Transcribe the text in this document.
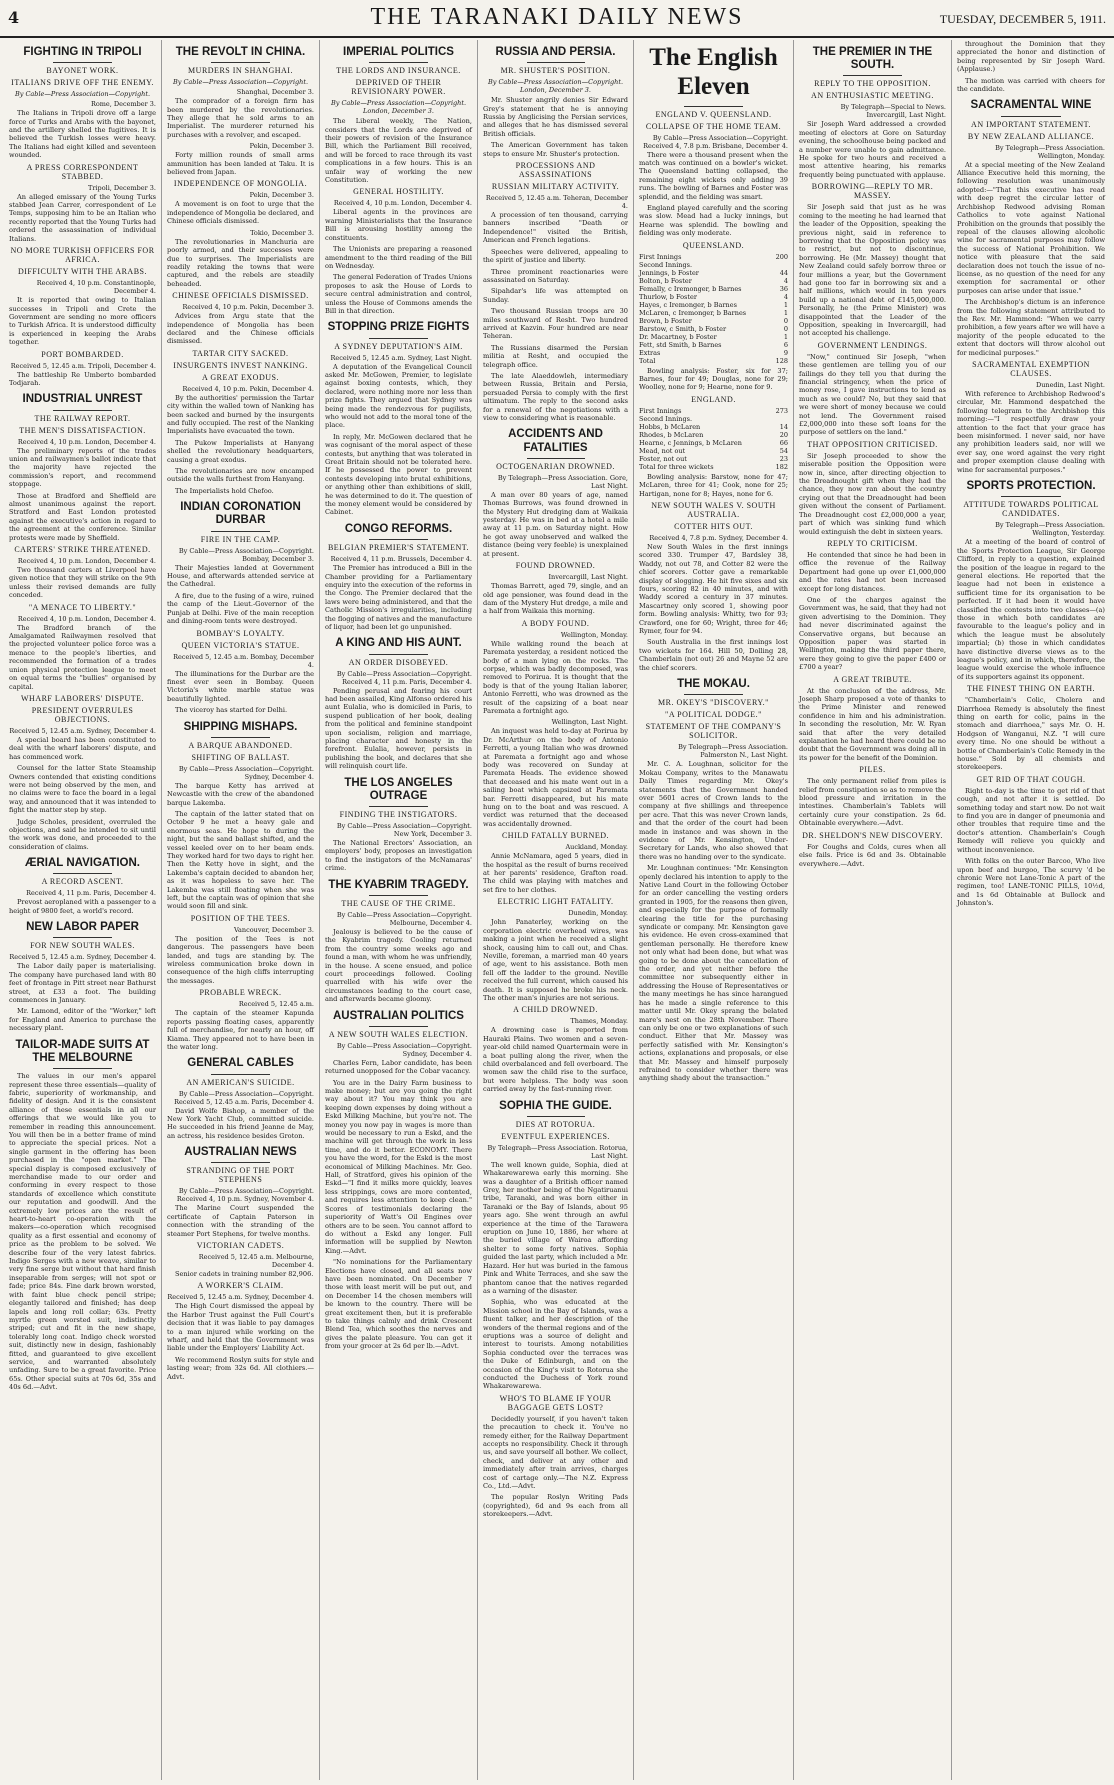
4	THE TARANAKI DAILY NEWS	TUESDAY, DECEMBER 5, 1911.
FIGHTING IN TRIPOLI
BAYONET WORK.
ITALIANS DRIVE OFF THE ENEMY.
By Cable—Press Association—Copyright.
Rome, December 3.

The Italians in Tripoli drove off a large force of Turks and Arabs with the bayonet, and the artillery shelled the fugitives. It is believed the Turkish losses were heavy. The Italians had eight killed and seventeen wounded.

A PRESS CORRESPONDENT STABBED.
Tripoli, December 3.

An alleged emissary of the Young Turks stabbed Jean Carrer, correspondent of Le Temps, supposing him to be an Italian who recently reported that the Young Turks had ordered the assassination of individual Italians.

NO MORE TURKISH OFFICERS FOR AFRICA.
DIFFICULTY WITH THE ARABS.
Received 4, 10 p.m. Constantinople, December 4.

It is reported that owing to Italian successes in Tripoli and Crete the Government are sending no more officers to Turkish Africa. It is understood difficulty is experienced in keeping the Arabs together.

PORT BOMBARDED.
Received 5, 12.45 a.m. Tripoli, December 4.

The battleship Re Umberto bombarded Todjarah.

INDUSTRIAL UNREST
THE RAILWAY REPORT.
THE MEN'S DISSATISFACTION.
Received 4, 10 p.m. London, December 4.

The preliminary reports of the trades union and railwaymen's ballot indicate that the majority have rejected the commission's report, and recommend stoppage.

Those at Bradford and Sheffield are almost unanimous against the report. Stratford and East London protested against the executive's action in regard to the agreement at the conference. Similar protests were made by Sheffield.

CARTERS' STRIKE THREATENED.
Received 4, 10 p.m. London, December 4.

Two thousand carters at Liverpool have given notice that they will strike on the 9th unless their revised demands are fully conceded.

"A MENACE TO LIBERTY."
Received 4, 10 p.m. London, December 4.

The Bradford branch of the Amalgamated Railwaymen resolved that the projected volunteer police force was a menace to the people's liberties, and recommended the formation of a trades union physical protection league to meet on equal terms the "bullies" organised by capital.

WHARF LABORERS' DISPUTE.
PRESIDENT OVERRULES OBJECTIONS.
Received 5, 12.45 a.m. Sydney, December 4.

A special board has been constituted to deal with the wharf laborers' dispute, and has commenced work.

Counsel for the latter State Steamship Owners contended that existing conditions were not being observed by the men, and no claims were to face the board in a legal way, and announced that it was intended to fight the matter step by step.

Judge Scholes, president, overruled the objections, and said he intended to sit until the work was done, and proceeded to the consideration of claims.

ÆRIAL NAVIGATION.
A RECORD ASCENT.
Received 4, 11 p.m. Paris, December 4.

Prevost aeroplaned with a passenger to a height of 9800 feet, a world's record.

NEW LABOR PAPER
FOR NEW SOUTH WALES.
Received 5, 12.45 a.m. Sydney, December 4.

The Labor daily paper is materialising. The company have purchased land with 80 feet of frontage in Pitt street near Bathurst street, at £33 a foot. The building commences in January.

Mr. Lamond, editor of the "Worker," left for England and America to purchase the necessary plant.

TAILOR-MADE SUITS AT THE MELBOURNE

The values in our men's apparel represent these three essentials—quality of fabric, superiority of workmanship, and fidelity of design. And it is the consistent alliance of these essentials in all our offerings that we would like you to remember in reading this announcement. You will then be in a better frame of mind to appreciate the special prices. Not a single garment in the offering has been purchased in the "open market." The special display is composed exclusively of merchandise made to our order and conforming in every respect to those standards of excellence which constitute our reputation and goodwill. And the extremely low prices are the result of heart-to-heart co-operation with the makers—co-operation which recognised quality as a first essential and economy of price as the problem to be solved. We describe four of the very latest fabrics. Indigo Serges with a new weave, similar to very fine serge but without that hard finish inseparable from serges; will not spot or fade; price 84s. Fine dark brown worsted, with faint blue check pencil stripe; elegantly tailored and finished; has deep lapels and long roll collar; 63s. Pretty myrtle green worsted suit, indistinctly striped; cut and fit in the new shape, tolerably long coat. Indigo check worsted suit, distinctly new in design, fashionably fitted, and guaranteed to give excellent service, and warranted absolutely unfading. Sure to be a great favorite. Price 65s. Other special suits at 70s 6d, 35s and 40s 6d.—Advt.

THE REVOLT IN CHINA.
MURDERS IN SHANGHAI.
By Cable—Press Association—Copyright.
Shanghai, December 3.

The comprador of a foreign firm has been murdered by the revolutionaries. They allege that he sold arms to an Imperialist. The murderer returned his purchases with a revolver, and escaped.

Pekin, December 3.

Forty million rounds of small arms ammunition has been landed at Taku. It is believed from Japan.

INDEPENDENCE OF MONGOLIA.
Pekin, December 3.

A movement is on foot to urge that the independence of Mongolia be declared, and Chinese officials dismissed.

Tokio, December 3.

The revolutionaries in Manchuria are poorly armed, and their successes were due to surprises. The Imperialists are readily retaking the towns that were captured, and the rebels are steadily beheaded.

CHINESE OFFICIALS DISMISSED.
Received 4, 10 p.m. Pekin, December 3.

Advices from Argu state that the independence of Mongolia has been declared and the Chinese officials dismissed.

TARTAR CITY SACKED.
INSURGENTS INVEST NANKING.
A GREAT EXODUS.
Received 4, 10 p.m. Pekin, December 4.

By the authorities' permission the Tartar city within the walled town of Nanking has been sacked and burned by the insurgents and fully occupied. The rest of the Nanking Imperialists have evacuated the town.

The Pukow Imperialists at Hanyang shelled the revolutionary headquarters, causing a great exodus.

The revolutionaries are now encamped outside the walls furthest from Hanyang.

The Imperialists hold Chefoo.

INDIAN CORONATION DURBAR
FIRE IN THE CAMP.
By Cable—Press Association—Copyright. Bombay, December 3.

Their Majesties landed at Government House, and afterwards attended service at the Cathedral.

A fire, due to the fusing of a wire, ruined the camp of the Lieut.-Governor of the Punjab at Delhi. Five of the main reception and dining-room tents were destroyed.

BOMBAY'S LOYALTY.
QUEEN VICTORIA'S STATUE.
Received 5, 12.45 a.m. Bombay, December 4.

The illuminations for the Durbar are the finest ever seen in Bombay. Queen Victoria's white marble statue was beautifully lighted.

The viceroy has started for Delhi.

SHIPPING MISHAPS.
A BARQUE ABANDONED.
SHIFTING OF BALLAST.
By Cable—Press Association—Copyright. Sydney, December 4.

The barque Ketty has arrived at Newcastle with the crew of the abandoned barque Lakemba.

The captain of the latter stated that on October 9 he met a heavy gale and enormous seas. He hope to during the night, but the sand ballast shifted, and the vessel keeled over on to her beam ends. They worked hard for two days to right her. Then the Ketty hove in sight, and the Lakemba's captain decided to abandon her, as it was hopeless to save her. The Lakemba was still floating when she was left, but the captain was of opinion that she would soon fill and sink.

POSITION OF THE TEES.
Vancouver, December 3.

The position of the Tees is not dangerous. The passengers have been landed, and tugs are standing by. The wireless communication broke down in consequence of the high cliffs interrupting the messages.

PROBABLE WRECK.
Received 5, 12.45 a.m.

The captain of the steamer Kapunda reports passing floating cases, apparently full of merchandise, for nearly an hour, off Kiama. They appeared not to have been in the water long.

GENERAL CABLES
AN AMERICAN'S SUICIDE.
By Cable—Press Association—Copyright. Received 5, 12.45 a.m. Paris, December 4.

David Wolfe Bishop, a member of the New York Yacht Club, committed suicide. He succeeded in his friend Jeanne de May, an actress, his residence besides Groton.

AUSTRALIAN NEWS
STRANDING OF THE PORT STEPHENS
By Cable—Press Association—Copyright. Received 4, 10 p.m. Sydney, November 4.

The Marine Court suspended the certificate of Captain Paterson in connection with the stranding of the steamer Port Stephens, for twelve months.

VICTORIAN CADETS.
Received 5, 12.45 a.m. Melbourne, December 4.

Senior cadets in training number 82,906.

A WORKER'S CLAIM.
Received 5, 12.45 a.m. Sydney, December 4.

The High Court dismissed the appeal by the Harbor Trust against the Full Court's decision that it was liable to pay damages to a man injured while working on the wharf, and held that the Government was liable under the Employers' Liability Act.

We recommend Roslyn suits for style and lasting wear; from 32s 6d. All clothiers.—Advt.

IMPERIAL POLITICS
THE LORDS AND INSURANCE.
DEPRIVED OF THEIR REVISIONARY POWER.
By Cable—Press Association—Copyright. London, December 3.

The Liberal weekly, The Nation, considers that the Lords are deprived of their powers of revision of the Insurance Bill, which the Parliament Bill received, and will be forced to race through its vast complications in a few hours. This is an unfair way of working the new Constitution.

GENERAL HOSTILITY.
Received 4, 10 p.m. London, December 4.

Liberal agents in the provinces are warning Ministerialists that the Insurance Bill is arousing hostility among the constituents.

The Unionists are preparing a reasoned amendment to the third reading of the Bill on Wednesday.

The general Federation of Trades Unions proposes to ask the House of Lords to secure central administration and control, unless the House of Commons amends the Bill in that direction.

STOPPING PRIZE FIGHTS
A SYDNEY DEPUTATION'S AIM.
Received 5, 12.45 a.m. Sydney, Last Night.

A deputation of the Evangelical Council asked Mr. McGowen, Premier, to legislate against boxing contests, which, they declared, were nothing more nor less than prize fights. They argued that Sydney was being made the rendezvous for pugilists, who would not add to the moral tone of the place.

In reply, Mr. McGowen declared that he was cognisant of the moral aspect of these contests, but anything that was tolerated in Great Britain should not be tolerated here. If he possessed the power to prevent contests developing into brutal exhibitions, or anything other than exhibitions of skill, he was determined to do it. The question of the money element would be considered by Cabinet.

CONGO REFORMS.
BELGIAN PREMIER'S STATEMENT.
Received 4, 11 p.m. Brussels, December 4.

The Premier has introduced a Bill in the Chamber providing for a Parliamentary enquiry into the execution of the reforms in the Congo. The Premier declared that the laws were being administered, and that the Catholic Mission's irregularities, including the flogging of natives and the manufacture of liquor, had been let go unpunished.

A KING AND HIS AUNT.
AN ORDER DISOBEYED.
By Cable—Press Association—Copyright. Received 4, 11 p.m. Paris, December 4.

Pending perusal and fearing his court had been assailed, King Alfonso ordered his aunt Eulalia, who is domiciled in Paris, to suspend publication of her book, dealing from the political and feminine standpoint upon socialism, religion and marriage, placing character and honesty in the forefront. Eulalia, however, persists in publishing the book, and declares that she will relinquish court life.

THE LOS ANGELES OUTRAGE
FINDING THE INSTIGATORS.
By Cable—Press Association—Copyright. New York, December 3.

The National Erectors' Association, an employers' body, proposes an investigation to find the instigators of the McNamaras' crime.

THE KYABRIM TRAGEDY.
THE CAUSE OF THE CRIME.
By Cable—Press Association—Copyright. Melbourne, December 4.

Jealousy is believed to be the cause of the Kyabrim tragedy. Cooling returned from the country some weeks ago and found a man, with whom he was unfriendly, in the house. A scene ensued, and police court proceedings followed. Cooling quarrelled with his wife over the circumstances leading to the court case, and afterwards became gloomy.

AUSTRALIAN POLITICS
A NEW SOUTH WALES ELECTION.
By Cable—Press Association—Copyright. Sydney, December 4.

Charles Fern, Labor candidate, has been returned unopposed for the Cobar vacancy.

You are in the Dairy Farm business to make money; but are you going the right way about it? You may think you are keeping down expenses by doing without a Eskd Milking Machine, but you're not. The money you now pay in wages is more than would be necessary to run a Eskd, and the machine will get through the work in less time, and do it better. ECONOMY. There you have the word, for the Eskd is the most economical of Milking Machines. Mr. Geo. Hall, of Stratford, gives his opinion of the Eskd—"I find it milks more quickly, leaves less strippings, cows are more contented, and requires less attention to keep clean." Scores of testimonials declaring the superiority of Watt's Oil Engines over others are to be seen. You cannot afford to do without a Eskd any longer. Full information will be supplied by Newton King.—Advt.

"No nominations for the Parliamentary Elections have closed, and all seats now have been nominated. On December 7 those with least merit will be put out, and on December 14 the chosen members will be known to the country. There will be great excitement then, but it is preferable to take things calmly and drink Crescent Blend Tea, which soothes the nerves and gives the palate pleasure. You can get it from your grocer at 2s 6d per lb.—Advt.

RUSSIA AND PERSIA.
MR. SHUSTER'S POSITION.
By Cable—Press Association—Copyright. London, December 3.

Mr. Shuster angrily denies Sir Edward Grey's statement that he is annoying Russia by Anglicising the Persian services, and alleges that he has dismissed several British officials.

The American Government has taken steps to ensure Mr. Shuster's protection.

PROCESSIONS AND ASSASSINATIONS
RUSSIAN MILITARY ACTIVITY.
Received 5, 12.45 a.m. Teheran, December 4.

A procession of ten thousand, carrying banners inscribed "Death or Independence!" visited the British, American and French legations.

Speeches were delivered, appealing to the spirit of justice and liberty.

Three prominent reactionaries were assassinated on Saturday.

Sipahdar's life was attempted on Sunday.

Two thousand Russian troops are 30 miles southward of Resht. Two hundred arrived at Kazvin. Four hundred are near Teheran.

The Russians disarmed the Persian militia at Resht, and occupied the telegraph office.

The late Alaeddowleh, intermediary between Russia, Britain and Persia, persuaded Persia to comply with the first ultimatum. The reply to the second asks for a renewal of the negotiations with a view to considering what is reasonable.

ACCIDENTS AND FATALITIES
OCTOGENARIAN DROWNED.
By Telegraph—Press Association. Gore, Last Night.

A man over 80 years of age, named Thomas Burrows, was found drowned in the Mystery Hut dredging dam at Waikaia yesterday. He was in bed at a hotel a mile away at 11 p.m. on Saturday night. How he got away unobserved and walked the distance (being very feeble) is unexplained at present.

FOUND DROWNED.
Invercargill, Last Night.

Thomas Barrett, aged 79, single, and an old age pensioner, was found dead in the dam of the Mystery Hut dredge, a mile and a half from Waikaia this morning.

A BODY FOUND.
Wellington, Monday.

While walking round the beach at Paremata yesterday, a resident noticed the body of a man lying on the rocks. The corpse, which was badly decomposed, was removed to Porirua. It is thought that the body is that of the young Italian laborer, Antonio Ferretti, who was drowned as the result of the capsizing of a boat near Paremata a fortnight ago.

Wellington, Last Night.

An inquest was held to-day at Porirua by Dr. McArthur on the body of Antonio Ferretti, a young Italian who was drowned at Paremata a fortnight ago and whose body was recovered on Sunday at Paremata Heads. The evidence showed that deceased and his mate went out in a sailing boat which capsized at Paremata bar. Ferretti disappeared, but his mate hung on to the boat and was rescued. A verdict was returned that the deceased was accidentally drowned.

CHILD FATALLY BURNED.
Auckland, Monday.

Annie McNamara, aged 5 years, died in the hospital as the result of burns received at her parents' residence, Grafton road. The child was playing with matches and set fire to her clothes.

ELECTRIC LIGHT FATALITY.
Dunedin, Monday.

John Panaterley, working on the corporation electric overhead wires, was making a joint when he received a slight shock, causing him to call out, and Chas. Neville, foreman, a married man 40 years of age, went to his assistance. Both men fell off the ladder to the ground. Neville received the full current, which caused his death. It is supposed he broke his neck. The other man's injuries are not serious.

A CHILD DROWNED.
Thames, Monday.

A drowning case is reported from Hauraki Plains. Two women and a seven-year-old child named Quartermain were in a boat pulling along the river, when the child overbalanced and fell overboard. The women saw the child rise to the surface, but were helpless. The body was soon carried away by the fast-running river.

SOPHIA THE GUIDE.
DIES AT ROTORUA.
EVENTFUL EXPERIENCES.
By Telegraph—Press Association. Rotorua, Last Night.

The well known guide, Sophia, died at Whakarewarewa early this morning. She was a daughter of a British officer named Grey, her mother being of the Ngatiruanui tribe, Taranaki, and was born either in Taranaki or the Bay of Islands, about 95 years ago. She went through an awful experience at the time of the Tarawera eruption on June 10, 1886, her where at the buried village of Wairoa affording shelter to some forty natives. Sophia guided the last party, which included a Mr. Hazard. Her hut was buried in the famous Pink and White Terraces, and she saw the phantom canoe that the natives regarded as a warning of the disaster.

Sophia, who was educated at the Mission school in the Bay of Islands, was a fluent talker, and her description of the wonders of the thermal regions and of the eruptions was a source of delight and interest to tourists. Among notabilities Sophia conducted over the terraces was the Duke of Edinburgh, and on the occasion of the King's visit to Rotorua she conducted the Duchess of York round Whakarewarewa.

WHO'S TO BLAME IF YOUR BAGGAGE GETS LOST?

Decidedly yourself, if you haven't taken the precaution to check it. You've no remedy either, for the Railway Department accepts no responsibility. Check it through us, and save yourself all bother. We collect, check, and deliver at any other and immediately after train arrives, charges cost of cartage only.—The N.Z. Express Co., Ltd.—Advt.

The popular Roslyn Writing Pads (copyrighted), 6d and 9s each from all storekeepers.—Advt.

The English Eleven
ENGLAND V. QUEENSLAND.
COLLAPSE OF THE HOME TEAM.
By Cable—Press Association—Copyright. Received 4, 7.8 p.m. Brisbane, December 4.

There were a thousand present when the match was continued on a bowler's wicket. The Queensland batting collapsed, the remaining eight wickets only adding 39 runs. The bowling of Barnes and Foster was splendid, and the fielding was smart.

England played carefully and the scoring was slow. Mead had a lucky innings, but Hearne was splendid. The bowling and fielding was only moderate.

QUEENSLAND.
First Innings	200
Second Innings.
Jennings, b Foster	44
Bolton, b Foster	4
Femally, c Iremonger, b Barnes	36
Thurlow, b Foster	4
Hayes, c Iremonger, b Barnes	1
McLaren, c Iremonger, b Barnes	1
Brown, b Foster	0
Barstow, c Smith, b Foster	0
Dr. Macartney, b Foster	1
Fett, std Smith, b Barnes	6
Extras	9
Total	128

Bowling analysis: Foster, six for 37; Barnes, four for 49; Douglas, none for 29; Woolley, none for 9; Hearne, none for 9.

ENGLAND.
First Innings	273
Second Innings.
Hobbs, b McLaren	14
Rhodes, b McLaren	20
Hearne, c Jennings, b McLaren	66
Mead, not out	54
Foster, not out	23
Total for three wickets	182

Bowling analysis: Barstow, none for 47; McLaren, three for 41; Cook, none for 25; Hartigan, none for 8; Hayes, none for 6.

NEW SOUTH WALES V. SOUTH AUSTRALIA.
COTTER HITS OUT.
Received 4, 7.8 p.m. Sydney, December 4.

New South Wales in the first innings scored 330. Trumper 47, Bardsley 38, Waddy, not out 78, and Cotter 82 were the chief scorers. Cotter gave a remarkable display of slogging. He hit five sixes and six fours, scoring 82 in 40 minutes, and with Waddy scored a century in 37 minutes. Mascartney only scored 1, showing poor form. Bowling analysis: Whitty, two for 93; Crawford, one for 60; Wright, three for 46; Rymer, four for 94.

South Australia in the first innings lost two wickets for 164. Hill 50, Dolling 28, Chamberlain (not out) 26 and Mayne 52 are the chief scorers.

THE MOKAU.
MR. OKEY'S "DISCOVERY."
"A POLITICAL DODGE."
STATEMENT OF THE COMPANY'S SOLICITOR.
By Telegraph—Press Association. Palmerston N., Last Night.

Mr. C. A. Loughnan, solicitor for the Mokau Company, writes to the Manawatu Daily Times regarding Mr. Okey's statements that the Government handed over 5601 acres of Crown lands to the company at five shillings and threepence per acre. That this was never Crown lands, and that the order of the court had been made in instance and was shown in the evidence of Mr. Kensington, Under-Secretary for Lands, who also showed that there was no handing over to the syndicate.

Mr. Loughnan continues: "Mr. Kensington openly declared his intention to apply to the Native Land Court in the following October for an order cancelling the vesting orders granted in 1905, for the reasons then given, and especially for the purpose of formally clearing the title for the purchasing syndicate or company. Mr. Kensington gave his evidence. He even cross-examined that gentleman personally. He therefore knew not only what had been done, but what was going to be done about the cancellation of the order, and yet neither before the committee nor subsequently either in addressing the House of Representatives or the many meetings he has since harangued has he made a single reference to this matter until Mr. Okey sprang the belated mare's nest on the 28th November. There can only be one or two explanations of such conduct. Either that Mr. Massey was perfectly satisfied with Mr. Kensington's actions, explanations and proposals, or else that Mr. Massey and himself purposely refrained to consider whether there was anything shady about the transaction."

THE PREMIER IN THE SOUTH.
REPLY TO THE OPPOSITION.
AN ENTHUSIASTIC MEETING.
By Telegraph—Special to News. Invercargill, Last Night.

Sir Joseph Ward addressed a crowded meeting of electors at Gore on Saturday evening, the schoolhouse being packed and a number were unable to gain admittance. He spoke for two hours and received a most attentive hearing, his remarks frequently being punctuated with applause.

BORROWING—REPLY TO MR. MASSEY.

Sir Joseph said that just as he was coming to the meeting he had learned that the leader of the Opposition, speaking the previous night, said in reference to borrowing that the Opposition policy was to restrict, but not to discontinue, borrowing. He (Mr. Massey) thought that New Zealand could safely borrow three or four millions a year, but the Government had gone too far in borrowing six and a half millions, which would in ten years build up a national debt of £145,000,000. Personally, he (the Prime Minister) was disappointed that the Leader of the Opposition, speaking in Invercargill, had not accepted his challenge.

GOVERNMENT LENDINGS.

"Now," continued Sir Joseph, "when these gentlemen are telling you of our failings do they tell you that during the financial stringency, when the price of money rose, I gave instructions to lend as much as we could? No, but they said that we were short of money because we could not lend. The Government raised £2,000,000 into these soft loans for the purpose of settlers on the land."

THAT OPPOSITION CRITICISED.

Sir Joseph proceeded to show the miserable position the Opposition were now in, since, after directing objection to the Dreadnought gift when they had the chance, they now ran about the country crying out that the Dreadnought had been given without the consent of Parliament. The Dreadnought cost £2,000,000 a year, part of which was sinking fund which would extinguish the debt in sixteen years.

REPLY TO CRITICISM.

He contended that since he had been in office the revenue of the Railway Department had gone up over £1,000,000 and the rates had not been increased except for long distances.

One of the charges against the Government was, he said, that they had not given advertising to the Dominion. They had never discriminated against the Conservative organs, but because an Opposition paper was started in Wellington, making the third paper there, were they going to give the paper £400 or £700 a year?

A GREAT TRIBUTE.

At the conclusion of the address, Mr. Joseph Sharp proposed a vote of thanks to the Prime Minister and renewed confidence in him and his administration. In seconding the resolution, Mr. W. Ryan said that after the very detailed explanation he had heard there could be no doubt that the Government was doing all in its power for the benefit of the Dominion.

PILES.

The only permanent relief from piles is relief from constipation so as to remove the blood pressure and irritation in the intestines. Chamberlain's Tablets will certainly cure your constipation. 2s 6d. Obtainable everywhere.—Advt.

DR. SHELDON'S NEW DISCOVERY.

For Coughs and Colds, cures when all else fails. Price is 6d and 3s. Obtainable everywhere.—Advt.

throughout the Dominion that they appreciated the honor and distinction of being represented by Sir Joseph Ward. (Applause.)

The motion was carried with cheers for the candidate.

SACRAMENTAL WINE
AN IMPORTANT STATEMENT.
BY NEW ZEALAND ALLIANCE.
By Telegraph—Press Association. Wellington, Monday.

At a special meeting of the New Zealand Alliance Executive held this morning, the following resolution was unanimously adopted:—"That this executive has read with deep regret the circular letter of Archbishop Redwood advising Roman Catholics to vote against National Prohibition on the grounds that possibly the repeal of the clauses allowing alcoholic wine for sacramental purposes may follow the success of National Prohibition. We notice with pleasure that the said declaration does not touch the issue of no-license, as no question of the need for any exemption for sacramental or other purposes can arise under that issue."

The Archbishop's dictum is an inference from the following statement attributed to the Rev. Mr. Hammond: "When we carry prohibition, a few years after we will have a majority of the people educated to the extent that doctors will throw alcohol out for medicinal purposes."

SACRAMENTAL EXEMPTION CLAUSES.
Dunedin, Last Night.

With reference to Archbishop Redwood's circular, Mr. Hammond despatched the following telegram to the Archbishop this morning:—"I respectfully draw your attention to the fact that your grace has been misinformed. I never said, nor have any prohibition leaders said, nor will we ever say, one word against the very right and proper exemption clause dealing with wine for sacramental purposes."

SPORTS PROTECTION.
ATTITUDE TOWARDS POLITICAL CANDIDATES.
By Telegraph—Press Association. Wellington, Yesterday.

At a meeting of the board of control of the Sports Protection League, Sir George Clifford, in reply to a question, explained the position of the league in regard to the general elections. He reported that the league had not been in existence a sufficient time for its organisation to be perfected. If it had been it would have classified the contests into two classes—(a) those in which both candidates are favourable to the league's policy and in which the league must be absolutely impartial; (b) those in which candidates have distinctive diverse views as to the league's policy, and in which, therefore, the league would exercise the whole influence of its supporters against its opponent.

THE FINEST THING ON EARTH.

"Chamberlain's Colic, Cholera and Diarrhoea Remedy is absolutely the finest thing on earth for colic, pains in the stomach and diarrhoea," says Mr. O. H. Hodgson of Wanganui, N.Z. "I will cure every time. No one should be without a bottle of Chamberlain's Colic Remedy in the house." Sold by all chemists and storekeepers.

GET RID OF THAT COUGH.

Right to-day is the time to get rid of that cough, and not after it is settled. Do something today and start now. Do not wait to find you are in danger of pneumonia and other troubles that require time and the doctor's attention. Chamberlain's Cough Remedy will relieve you quickly and without inconvenience.

With folks on the outer Barcoo, Who live upon beef and burgoo, The scurvy 'd be chronic Were not Lane-Tonic A part of the regimen, too! LANE-TONIC PILLS, 10½d, and 1s 6d Obtainable at Bullock and Johnston's.
